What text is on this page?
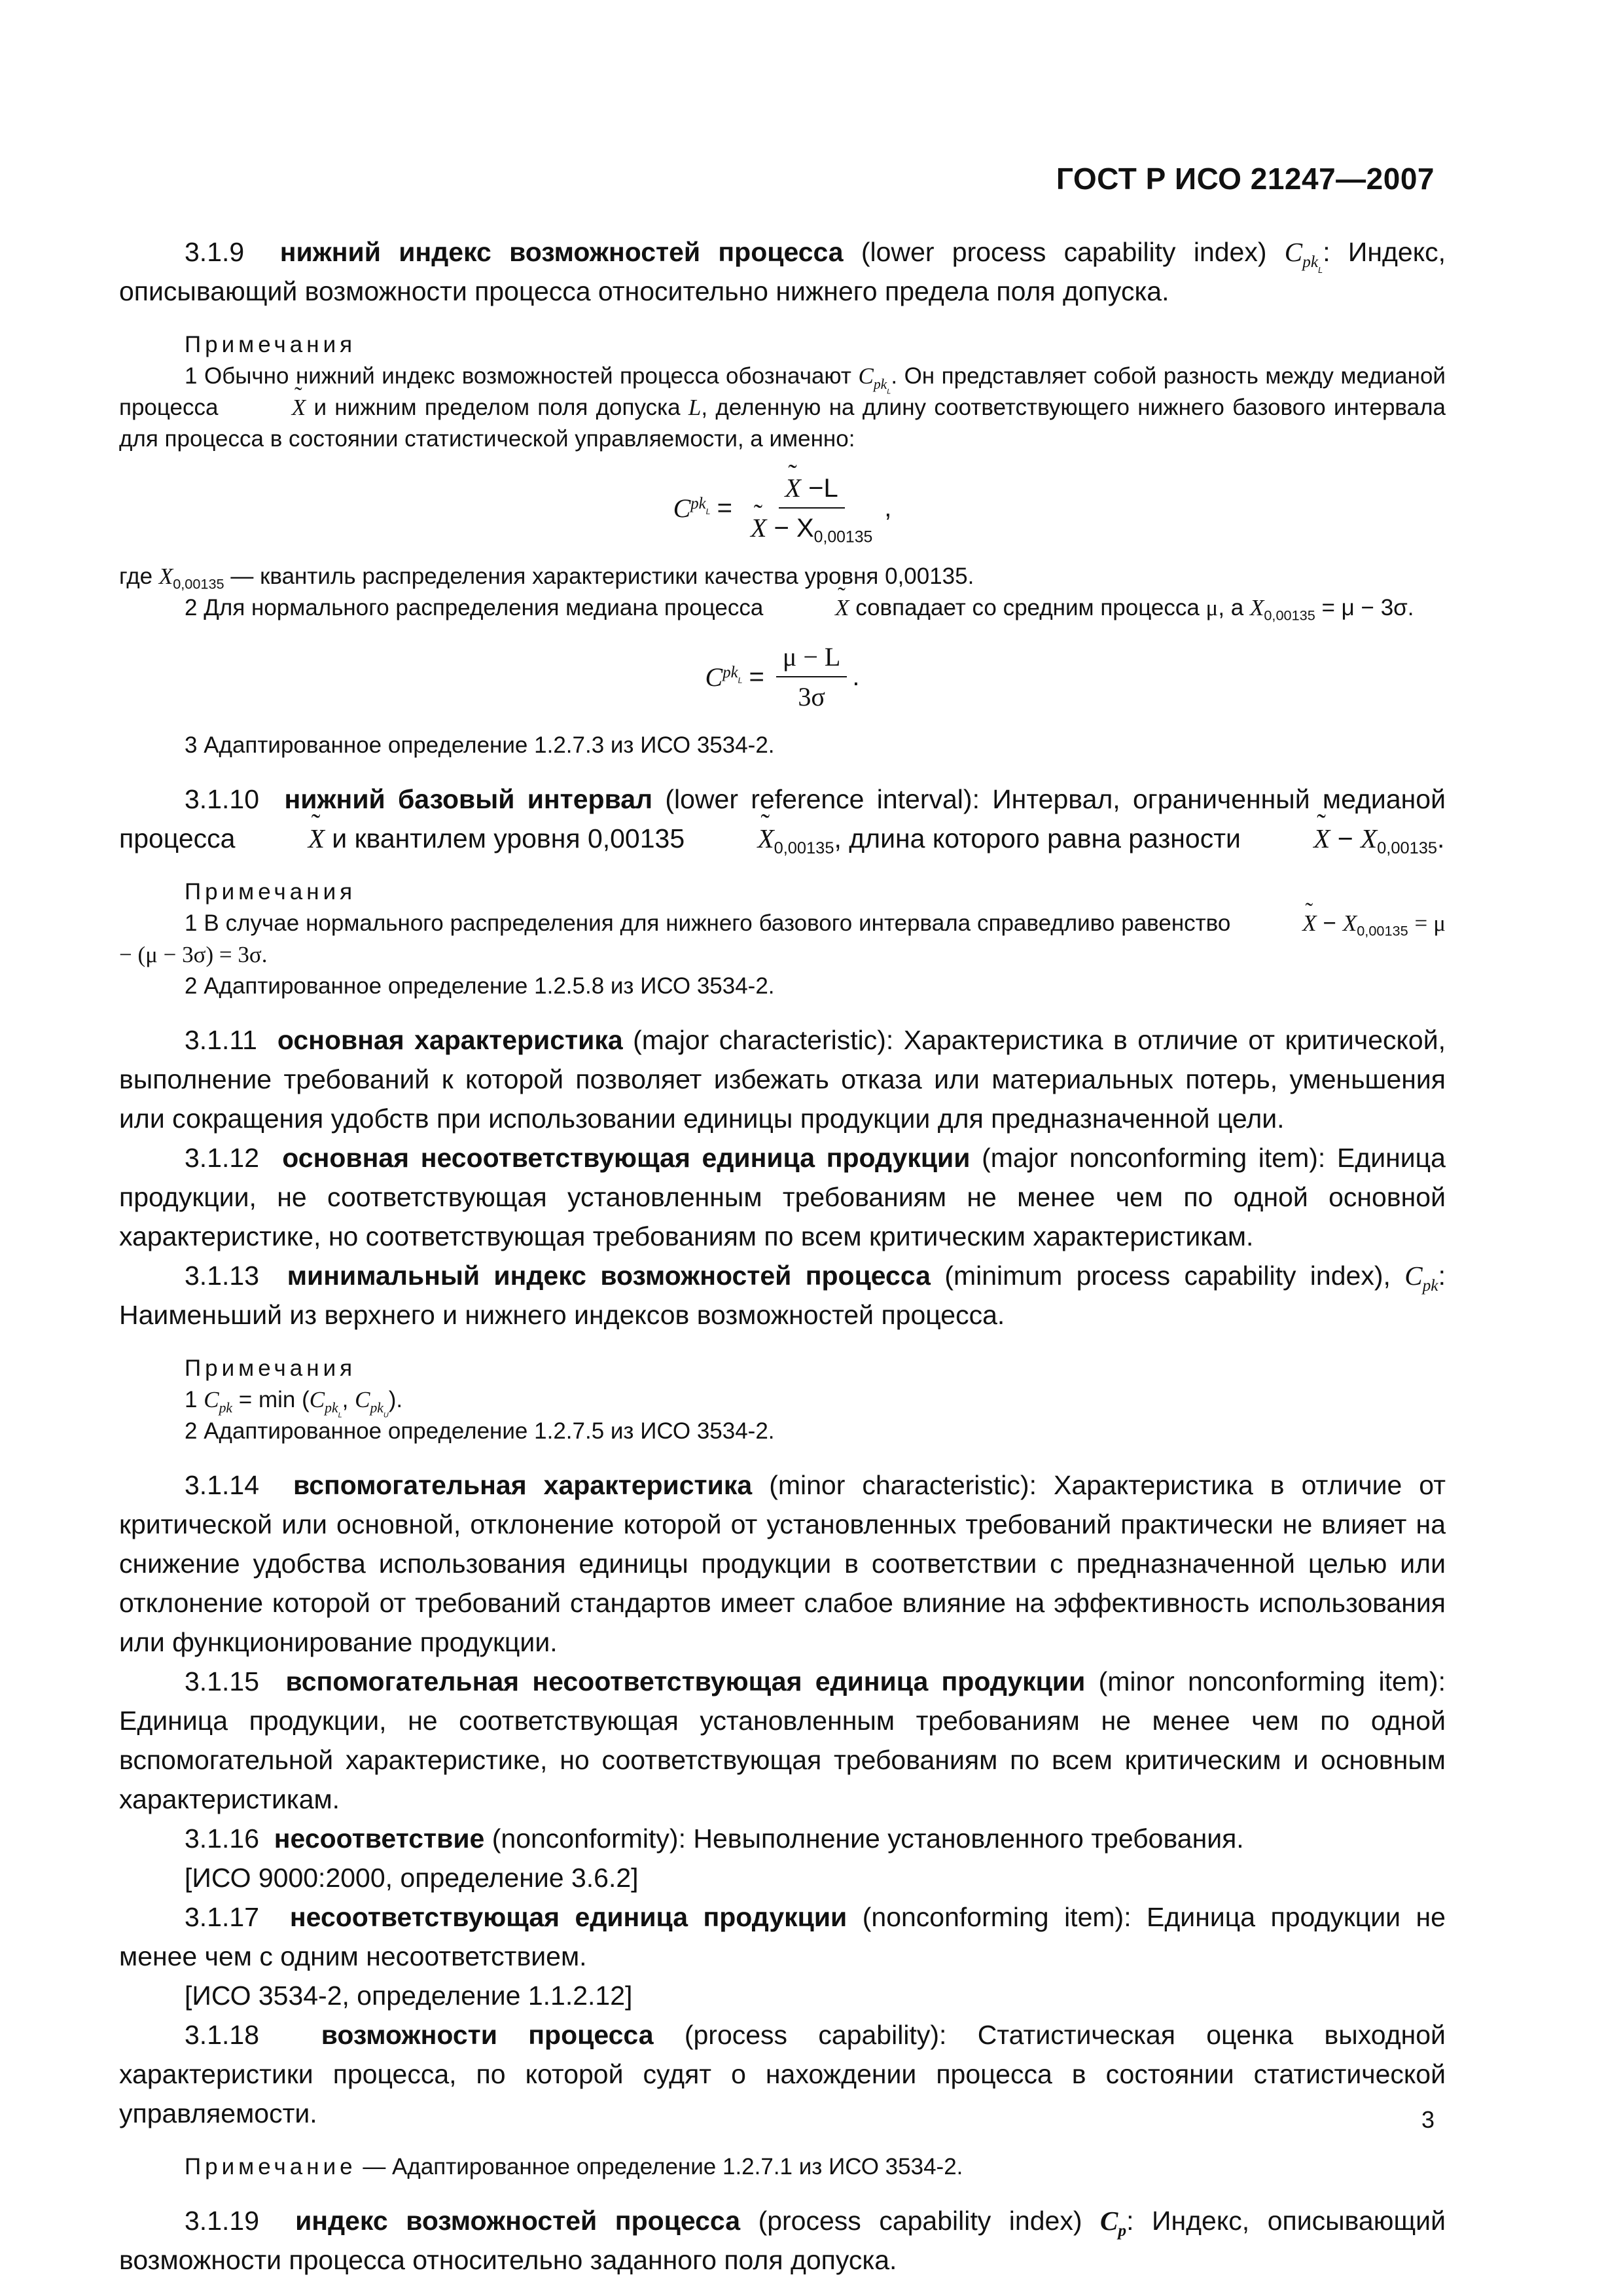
ГОСТ Р ИСО 21247—2007

3.1.9 нижний индекс возможностей процесса (lower process capability index) $C_{pk_L}$: Индекс, описывающий возможности процесса относительно нижнего предела поля допуска.

Примечания

1 Обычно нижний индекс возможностей процесса обозначают $C_{pk_L}$. Он представляет собой разность между медианой процесса	˜ X и нижним пределом поля допуска L, деленную на длину соответствующего нижнего базового интервала для процесса в состоянии статистической управляемости, а именно:

C $pk_L$ = ˜ X −L
˜ $X - X_{0,00135}$ ,

где $X_{0,00135}$ — квантиль распределения характеристики качества уровня 0,00135.

2 Для нормального распределения медиана процесса	˜ X совпадает со средним процесса μ, а $X_{0,00135} = \mu - 3\sigma$.

C $pk_L = \frac{\mu - L}{3\sigma}$ .

3 Адаптированное определение 1.2.7.3 из ИСО 3534-2.

3.1.10 нижний базовый интервал (lower reference interval): Интервал, ограниченный медианой процесса	˜ X и квантилем уровня 0,00135	˜ $X_{0,00135}$, длина которого равна разности	˜ $X - X_{0,00135}$.

Примечания

1 В случае нормального распределения для нижнего базового интервала справедливо равенство	˜ $X - X_{0,00135} = \mu - (\mu - 3\sigma) = 3\sigma$.

2 Адаптированное определение 1.2.5.8 из ИСО 3534-2.

3.1.11 основная характеристика (major characteristic): Характеристика в отличие от критической, выполнение требований к которой позволяет избежать отказа или материальных потерь, уменьшения или сокращения удобств при использовании единицы продукции для предназначенной цели.

3.1.12 основная несоответствующая единица продукции (major nonconforming item): Единица продукции, не соответствующая установленным требованиям не менее чем по одной основной характеристике, но соответствующая требованиям по всем критическим характеристикам.

3.1.13 минимальный индекс возможностей процесса (minimum process capability index), $C_{pk}$: Наименьший из верхнего и нижнего индексов возможностей процесса.

Примечания

1 $C_{pk} = \min (C_{pk_L}$, $C_{pk_U}$).

2 Адаптированное определение 1.2.7.5 из ИСО 3534-2.

3.1.14 вспомогательная характеристика (minor characteristic): Характеристика в отличие от критической или основной, отклонение которой от установленных требований практически не влияет на снижение удобства использования единицы продукции в соответствии с предназначенной целью или отклонение которой от требований стандартов имеет слабое влияние на эффективность использования или функционирование продукции.

3.1.15 вспомогательная несоответствующая единица продукции (minor nonconforming item): Единица продукции, не соответствующая установленным требованиям не менее чем по одной вспомогательной характеристике, но соответствующая требованиям по всем критическим и основным характеристикам.

3.1.16 несоответствие (nonconformity): Невыполнение установленного требования.

[ИСО 9000:2000, определение 3.6.2]

3.1.17 несоответствующая единица продукции (nonconforming item): Единица продукции не менее чем с одним несоответствием.

[ИСО 3534-2, определение 1.1.2.12]

3.1.18 возможности процесса (process capability): Статистическая оценка выходной характеристики процесса, по которой судят о нахождении процесса в состоянии статистической управляемости.

Примечание — Адаптированное определение 1.2.7.1 из ИСО 3534-2.

3.1.19 индекс возможностей процесса (process capability index) $C_p$: Индекс, описывающий возможности процесса относительно заданного поля допуска.

3
